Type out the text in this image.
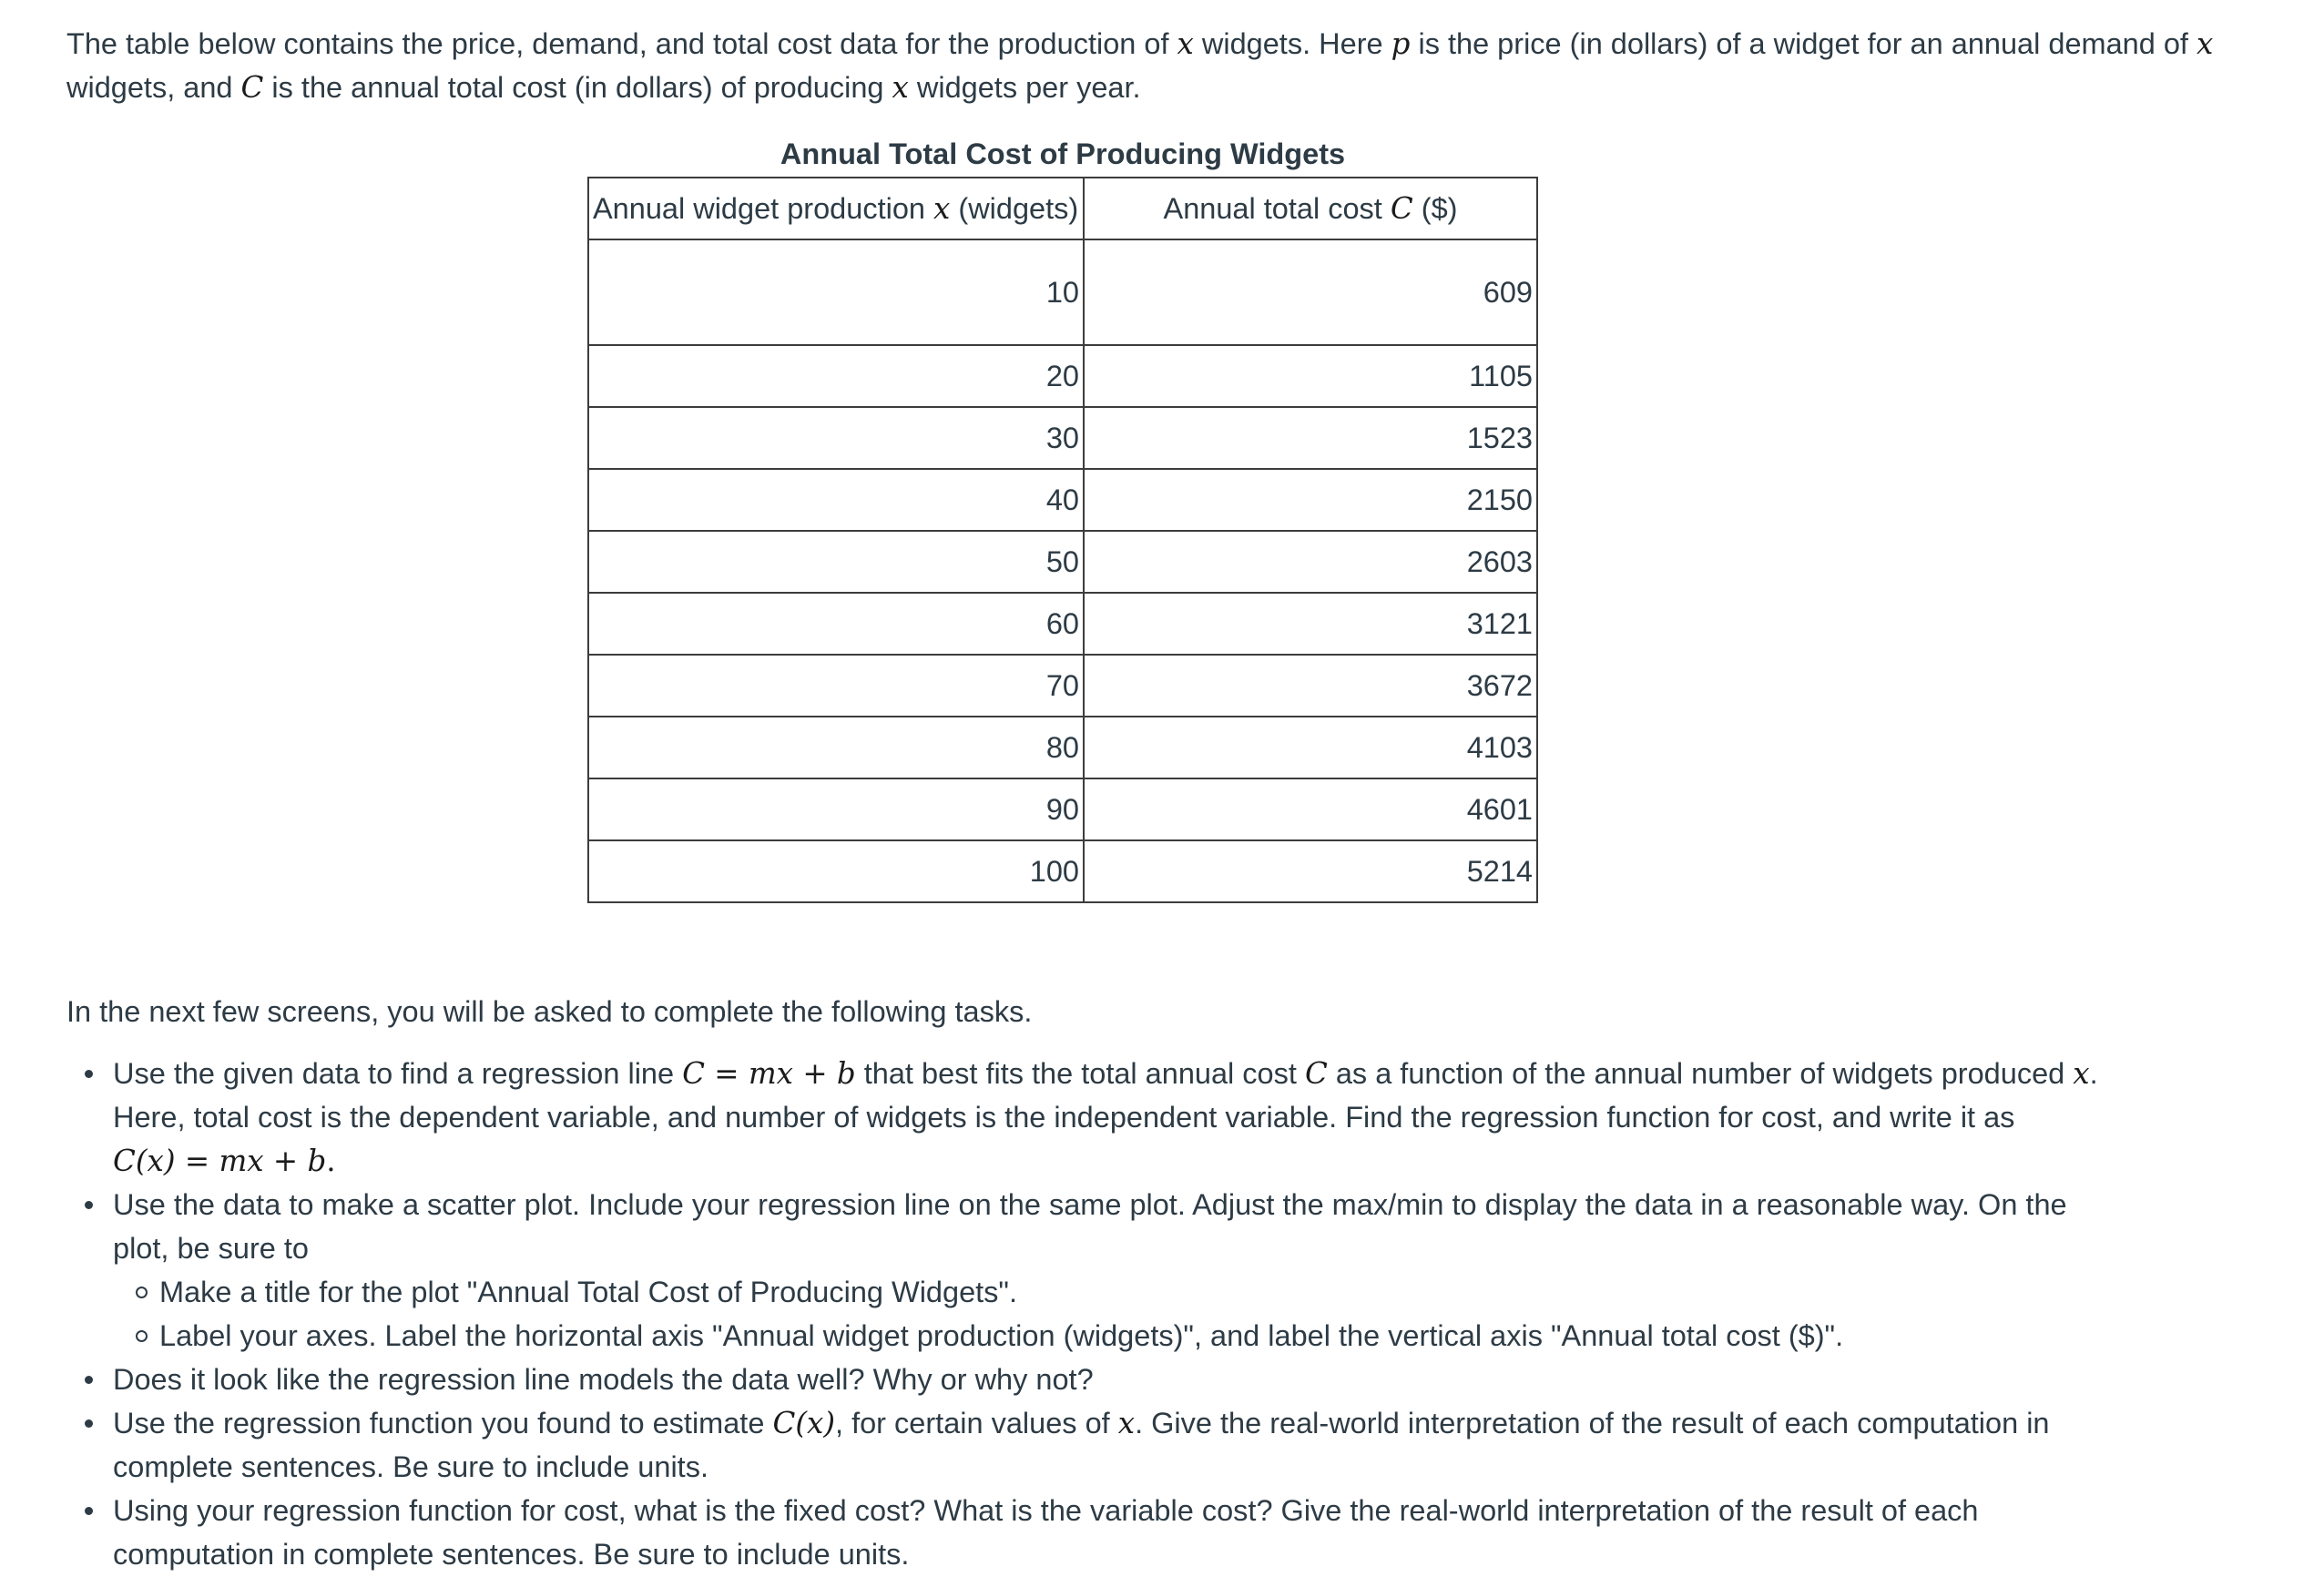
The table below contains the price, demand, and total cost data for the production of x widgets. Here p is the price (in dollars) of a widget for an annual demand of x widgets, and C is the annual total cost (in dollars) of producing x widgets per year.

Annual Total Cost of Producing Widgets
Annual widget production x (widgets)	Annual total cost C ($)
10	609
20	1105
30	1523
40	2150
50	2603
60	3121
70	3672
80	4103
90	4601
100	5214

In the next few screens, you will be asked to complete the following tasks.

Use the given data to find a regression line C = mx + b that best fits the total annual cost C as a function of the annual number of widgets produced x. Here, total cost is the dependent variable, and number of widgets is the independent variable. Find the regression function for cost, and write it as
C(x) = mx + b.
Use the data to make a scatter plot. Include your regression line on the same plot. Adjust the max/min to display the data in a reasonable way. On the plot, be sure to
Make a title for the plot "Annual Total Cost of Producing Widgets".
Label your axes. Label the horizontal axis "Annual widget production (widgets)", and label the vertical axis "Annual total cost ($)".
Does it look like the regression line models the data well? Why or why not?
Use the regression function you found to estimate C(x), for certain values of x. Give the real-world interpretation of the result of each computation in complete sentences. Be sure to include units.
Using your regression function for cost, what is the fixed cost? What is the variable cost? Give the real-world interpretation of the result of each computation in complete sentences. Be sure to include units.
